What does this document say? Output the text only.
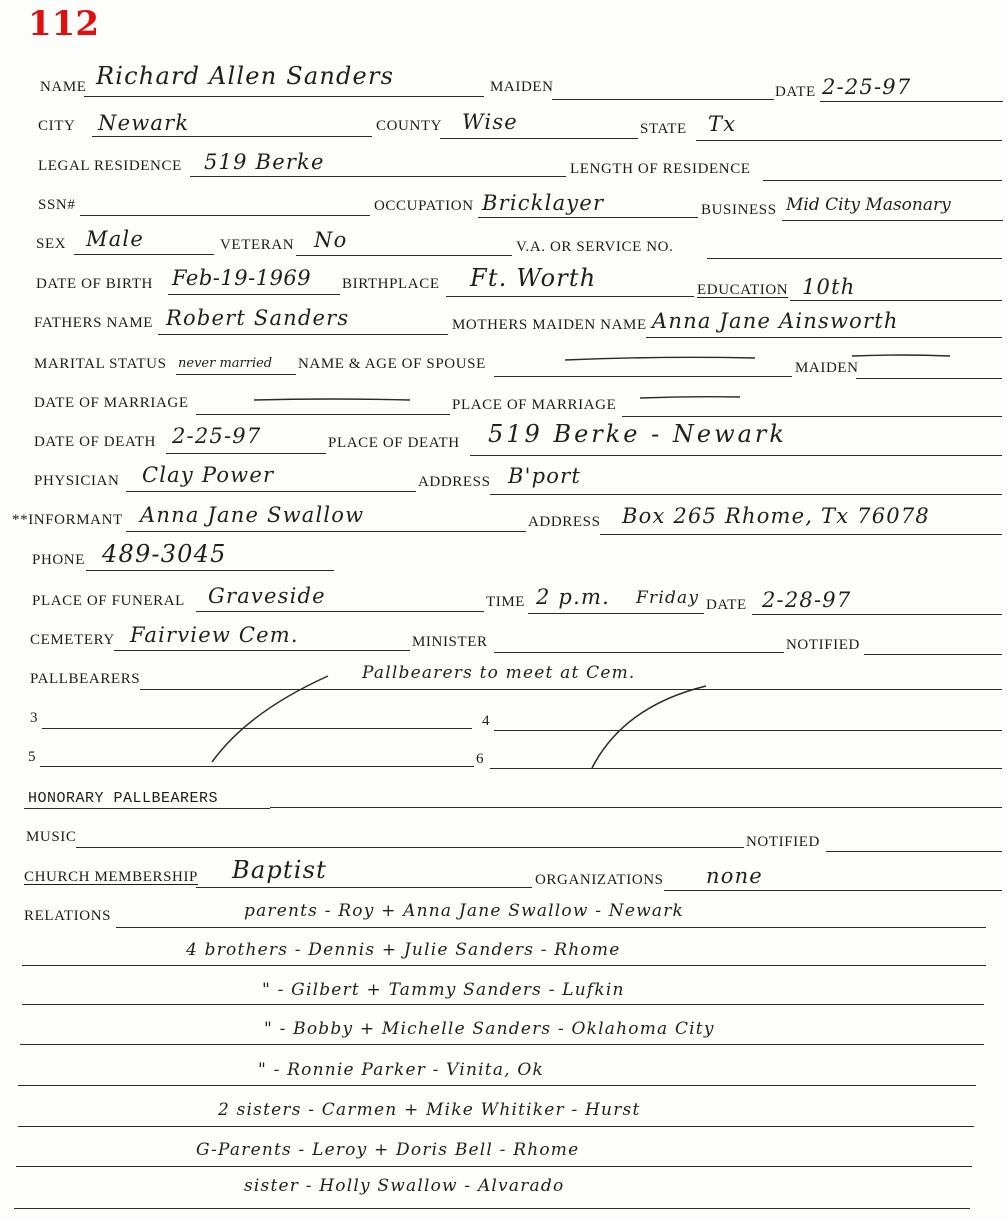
112
NAME Richard Allen Sanders	MAIDEN	DATE 2-25-97
CITY Newark	COUNTY Wise	STATE Tx
LEGAL RESIDENCE 519 Berke	LENGTH OF RESIDENCE
SSN#	OCCUPATION Bricklayer	BUSINESS Mid City Masonary
SEX Male	VETERAN No	V.A. OR SERVICE NO.
DATE OF BIRTH Feb-19-1969 BIRTHPLACE Ft. Worth	EDUCATION 10th
FATHERS NAME Robert Sanders	MOTHERS MAIDEN NAME Anna Jane Ainsworth
MARITAL STATUS never married NAME & AGE OF SPOUSE	MAIDEN
DATE OF MARRIAGE	PLACE OF MARRIAGE
DATE OF DEATH 2-25-97	PLACE OF DEATH 519 Berke - Newark
PHYSICIAN Clay Power	ADDRESS B'port
**INFORMANT Anna Jane Swallow	ADDRESS Box 265 Rhome, Tx 76078
PHONE 489-3045
PLACE OF FUNERAL Graveside	TIME 2 p.m. Friday DATE 2-28-97
CEMETERY Fairview Cem.	MINISTER	NOTIFIED
PALLBEARERS	Pallbearers to meet at Cem.
3	4
5	6
HONORARY PALLBEARERS
MUSIC	NOTIFIED
CHURCH MEMBERSHIP Baptist	ORGANIZATIONS none
RELATIONS	parents - Roy + Anna Jane Swallow - Newark
4 brothers - Dennis + Julie Sanders - Rhome
" - Gilbert + Tammy Sanders - Lufkin
" - Bobby + Michelle Sanders - Oklahoma City
" - Ronnie Parker - Vinita, Ok
2 sisters - Carmen + Mike Whitiker - Hurst
G-Parents - Leroy + Doris Bell - Rhome
sister - Holly Swallow - Alvarado
